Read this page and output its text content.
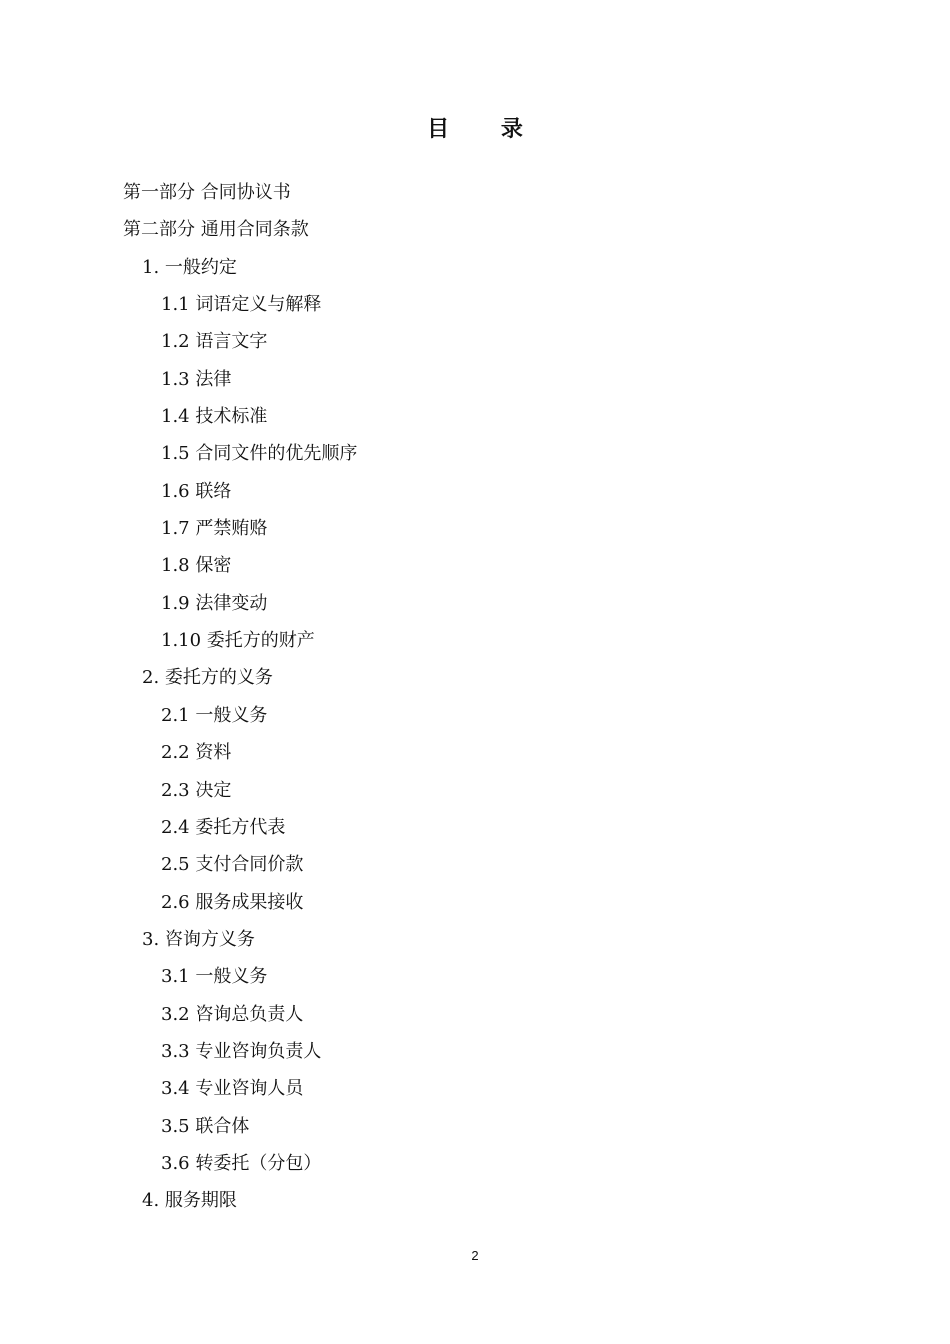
目 录
第一部分 合同协议书
第二部分 通用合同条款
1. 一般约定
1.1 词语定义与解释
1.2 语言文字
1.3 法律
1.4 技术标准
1.5 合同文件的优先顺序
1.6 联络
1.7 严禁贿赂
1.8 保密
1.9 法律变动
1.10 委托方的财产
2. 委托方的义务
2.1 一般义务
2.2 资料
2.3 决定
2.4 委托方代表
2.5 支付合同价款
2.6 服务成果接收
3. 咨询方义务
3.1 一般义务
3.2 咨询总负责人
3.3 专业咨询负责人
3.4 专业咨询人员
3.5 联合体
3.6 转委托（分包）
4. 服务期限
2
